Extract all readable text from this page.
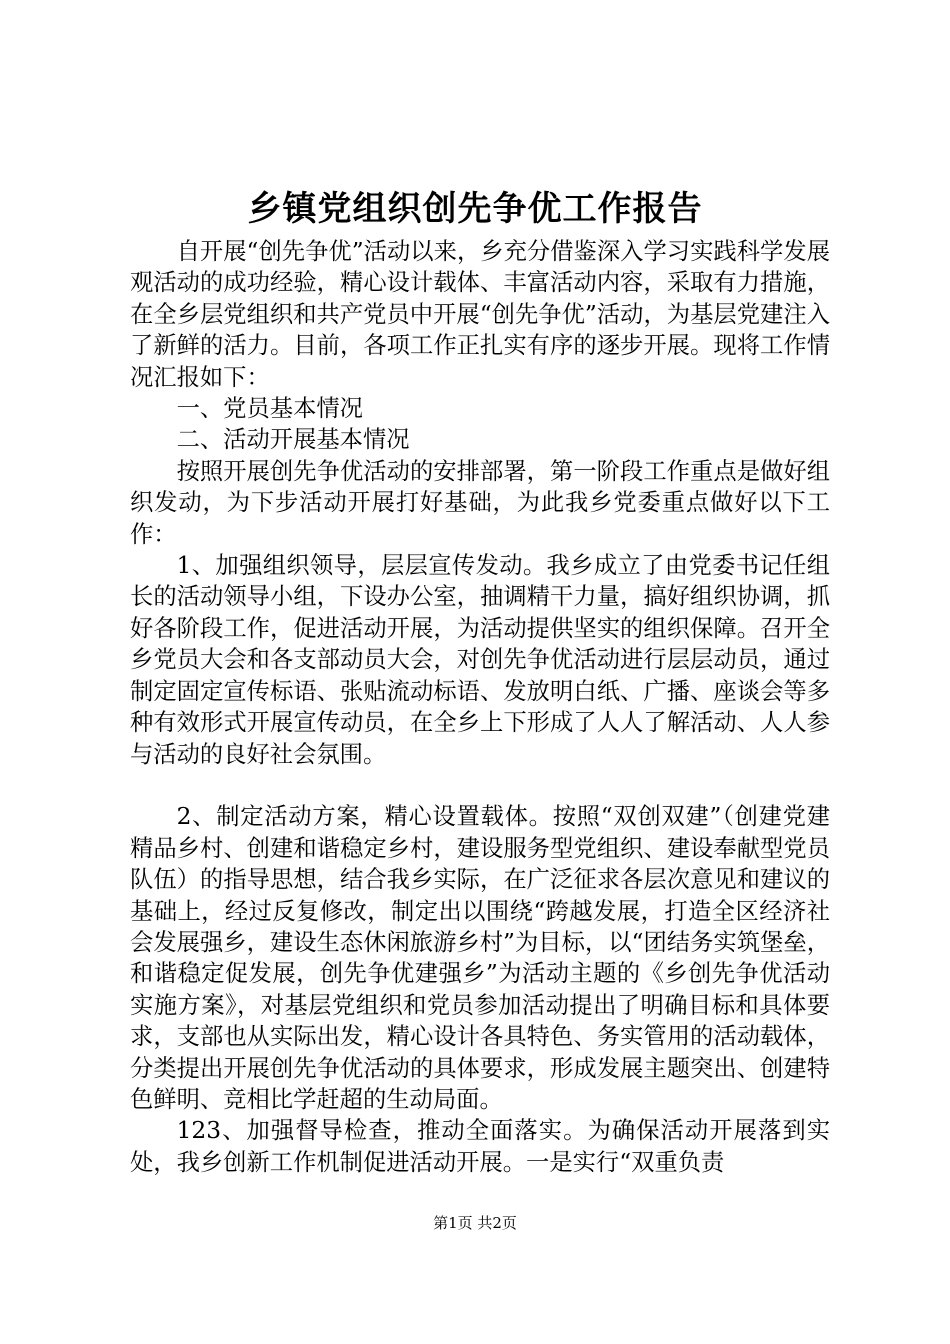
乡镇党组织创先争优工作报告

自开展“创先争优”活动以来，乡充分借鉴深入学习实践科学发展观活动的成功经验，精心设计载体、丰富活动内容，采取有力措施，在全乡层党组织和共产党员中开展“创先争优”活动，为基层党建注入了新鲜的活力。目前，各项工作正扎实有序的逐步开展。现将工作情况汇报如下：

一、党员基本情况

二、活动开展基本情况

按照开展创先争优活动的安排部署，第一阶段工作重点是做好组织发动，为下步活动开展打好基础，为此我乡党委重点做好以下工作：

1、加强组织领导，层层宣传发动。我乡成立了由党委书记任组长的活动领导小组，下设办公室，抽调精干力量，搞好组织协调，抓好各阶段工作，促进活动开展，为活动提供坚实的组织保障。召开全乡党员大会和各支部动员大会，对创先争优活动进行层层动员，通过制定固定宣传标语、张贴流动标语、发放明白纸、广播、座谈会等多种有效形式开展宣传动员，在全乡上下形成了人人了解活动、人人参与活动的良好社会氛围。

2、制定活动方案，精心设置载体。按照“双创双建”（创建党建精品乡村、创建和谐稳定乡村，建设服务型党组织、建设奉献型党员队伍）的指导思想，结合我乡实际，在广泛征求各层次意见和建议的基础上，经过反复修改，制定出以围绕“跨越发展，打造全区经济社会发展强乡，建设生态休闲旅游乡村”为目标，以“团结务实筑堡垒，和谐稳定促发展，创先争优建强乡”为活动主题的《乡创先争优活动实施方案》，对基层党组织和党员参加活动提出了明确目标和具体要求，支部也从实际出发，精心设计各具特色、务实管用的活动载体，分类提出开展创先争优活动的具体要求，形成发展主题突出、创建特色鲜明、竞相比学赶超的生动局面。

123、加强督导检查，推动全面落实。为确保活动开展落到实处，我乡创新工作机制促进活动开展。一是实行“双重负责

第1页 共2页
